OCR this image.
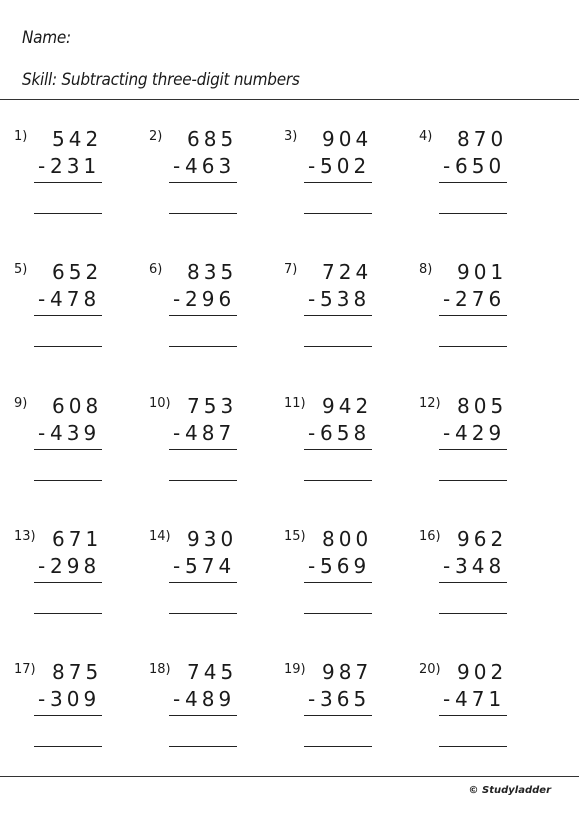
Name:
Skill: Subtracting three-digit numbers
1) 542
- 231
2) 685
- 463
3) 904
- 502
4) 870
- 650
5) 652
- 478
6) 835
- 296
7) 724
- 538
8) 901
- 276
9) 608
- 439
10) 753
- 487
11) 942
- 658
12) 805
- 429
13) 671
- 298
14) 930
- 574
15) 800
- 569
16) 962
- 348
17) 875
- 309
18) 745
- 489
19) 987
- 365
20) 902
- 471
© Studyladder
